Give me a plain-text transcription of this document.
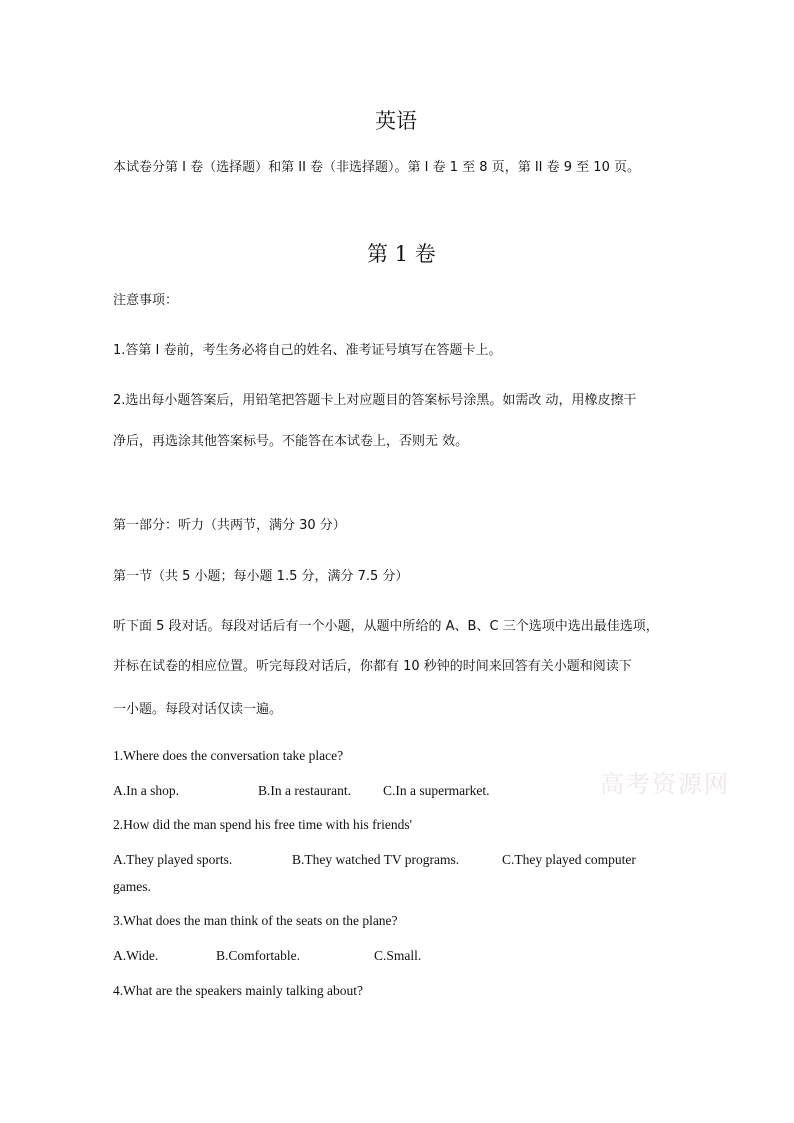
英语
本试卷分第 I 卷（选择题）和第 II 卷（非选择题）。第 I 卷 1 至 8 页，第 II 卷 9 至 10 页。
第 1 卷
注意事项：
1.答第 I 卷前，考生务必将自己的姓名、准考证号填写在答题卡上。
2.选出每小题答案后，用铅笔把答题卡上对应题目的答案标号涂黑。如需改 动，用橡皮擦干
净后，再选涂其他答案标号。不能答在本试卷上，否则无 效。
第一部分：听力（共两节，满分 30 分）
第一节（共 5 小题；每小题 1.5 分，满分 7.5 分）
听下面 5 段对话。每段对话后有一个小题，从题中所给的 A、B、C 三个选项中选出最佳选项，
并标在试卷的相应位置。听完每段对话后，你都有 10 秒钟的时间来回答有关小题和阅读下
一小题。每段对话仅读一遍。
1.Where does the conversation take place?
A.In a shop.	B.In a restaurant. C.In a supermarket.
2.How did the man spend his free time with his friends'
A.They played sports.	B.They watched TV programs.	C.They played computer
games.
3.What does the man think of the seats on the plane?
A.Wide.	B.Comfortable.	C.Small.
4.What are the speakers mainly talking about?
高考资源网
